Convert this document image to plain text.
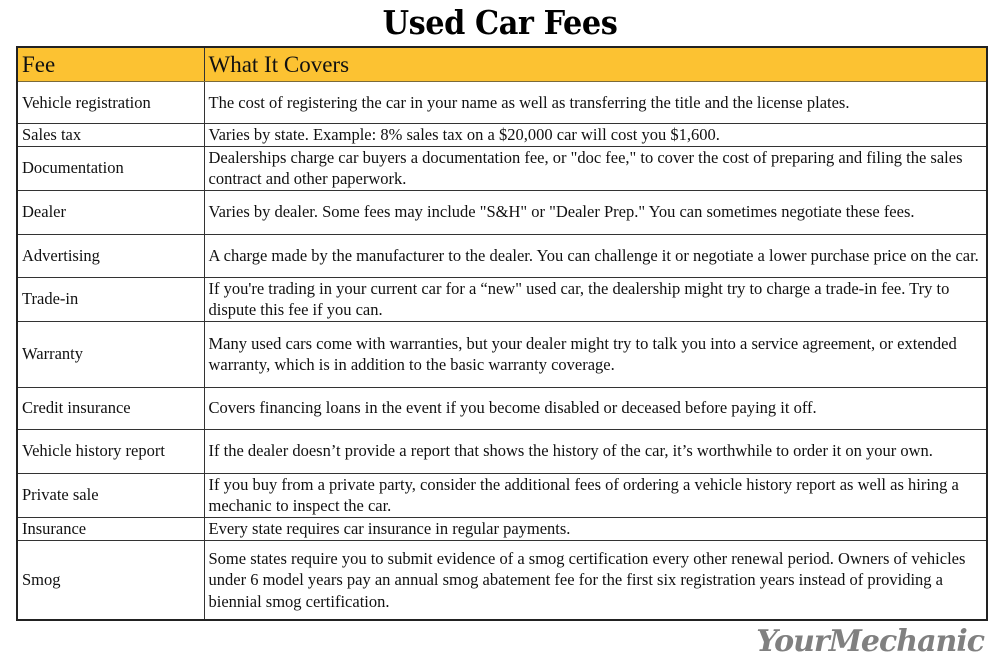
Used Car Fees
Fee	What It Covers
Vehicle registration	The cost of registering the car in your name as well as transferring the title and the license plates.
Sales tax	Varies by state. Example: 8% sales tax on a $20,000 car will cost you $1,600.
Documentation	Dealerships charge car buyers a documentation fee, or "doc fee," to cover the cost of preparing and filing the sales contract and other paperwork.
Dealer	Varies by dealer. Some fees may include "S&H" or "Dealer Prep." You can sometimes negotiate these fees.
Advertising	A charge made by the manufacturer to the dealer. You can challenge it or negotiate a lower purchase price on the car.
Trade-in	If you're trading in your current car for a “new" used car, the dealership might try to charge a trade-in fee. Try to dispute this fee if you can.
Warranty	Many used cars come with warranties, but your dealer might try to talk you into a service agreement, or extended warranty, which is in addition to the basic warranty coverage.
Credit insurance	Covers financing loans in the event if you become disabled or deceased before paying it off.
Vehicle history report	If the dealer doesn’t provide a report that shows the history of the car, it’s worthwhile to order it on your own.
Private sale	If you buy from a private party, consider the additional fees of ordering a vehicle history report as well as hiring a mechanic to inspect the car.
Insurance	Every state requires car insurance in regular payments.
Smog	Some states require you to submit evidence of a smog certification every other renewal period. Owners of vehicles under 6 model years pay an annual smog abatement fee for the first six registration years instead of providing a biennial smog certification.
YourMechanic
